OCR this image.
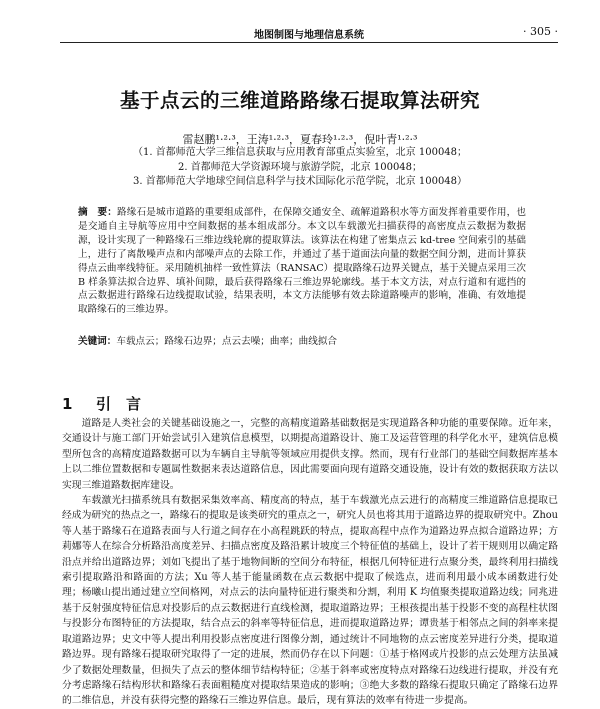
地图制图与地理信息系统	· 305 ·
基于点云的三维道路路缘石提取算法研究
雷赵鹏¹·²·³，王涛¹·²·³，夏春玲¹·²·³，倪叶青¹·²·³
（1. 首都师范大学三维信息获取与应用教育部重点实验室，北京 100048；
2. 首都师范大学资源环境与旅游学院，北京 100048；
3. 首都师范大学地球空间信息科学与技术国际化示范学院，北京 100048）
摘　要：路缘石是城市道路的重要组成部件，在保障交通安全、疏解道路积水等方面发挥着重要作用，也是交通自主导航等应用中空间数据的基本组成部分。本文以车载激光扫描获得的高密度点云数据为数据源，设计实现了一种路缘石三维边线轮廓的提取算法。该算法在构建了密集点云 kd-tree 空间索引的基础上，进行了离散噪声点和内部噪声点的去除工作，并通过了基于道面法向量的数据空间分割，进而计算获得点云曲率线特征。采用随机抽样一致性算法（RANSAC）提取路缘石边界关键点，基于关键点采用三次 B 样条算法拟合边界、填补间隙，最后获得路缘石三维边界轮廓线。基于本文方法，对点行道和有遮挡的点云数据进行路缘石边线提取试验，结果表明，本文方法能够有效去除道路噪声的影响，准确、有效地提取路缘石的三维边界。
关键词：车载点云；路缘石边界；点云去噪；曲率；曲线拟合
1 引　言

道路是人类社会的关键基础设施之一，完整的高精度道路基础数据是实现道路各种功能的重要保障。近年来，交通设计与施工部门开始尝试引入建筑信息模型，以期提高道路设计、施工及运营管理的科学化水平，建筑信息模型所包含的高精度道路数据可以为车辆自主导航等领域应用提供支撑。然而，现有行业部门的基础空间数据库基本上以二维位置数据和专题属性数据来表达道路信息，因此需要面向现有道路交通设施，设计有效的数据获取方法以实现三维道路数据库建设。

车载激光扫描系统具有数据采集效率高、精度高的特点，基于车载激光点云进行的高精度三维道路信息提取已经成为研究的热点之一，路缘石的提取是该类研究的重点之一，研究人员也将其用于道路边界的提取研究中。Zhou 等人基于路缘石在道路表面与人行道之间存在小高程跳跃的特点，提取高程中点作为道路边界点拟合道路边界；方莉娜等人在综合分析路沿高度差异、扫描点密度及路沿累计坡度三个特征值的基础上，设计了若干规则用以确定路沿点并给出道路边界；刘如飞提出了基于地物间断的空间分布特征，根据几何特征进行点聚分类，最终利用扫描线索引提取路沿和路面的方法；Xu 等人基于能量函数在点云数据中提取了候选点，进而利用最小成本函数进行处理；杨曦山提出通过建立空间格网，对点云的法向量特征进行聚类和分割，利用 K 均值聚类提取道路边线；同兆进基于反射强度特征信息对投影后的点云数据进行直线检测，提取道路边界；王根孩提出基于投影不变的高程柱状图与投影分布图特征的方法提取，结合点云的斜率等特征信息，进而提取道路边界；谭贵基于相邻点之间的斜率来提取道路边界；史文中等人提出利用投影点密度进行图像分割，通过统计不同地物的点云密度差异进行分类，提取道路边界。现有路缘石提取研究取得了一定的进展，然而仍存在以下问题：①基于格网或片投影的点云处理方法虽减少了数据处理数量，但损失了点云的整体细节结构特征；②基于斜率或密度特点对路缘石边线进行提取，并没有充分考虑路缘石结构形状和路缘石表面粗糙度对提取结果造成的影响；③绝大多数的路缘石提取只确定了路缘石边界的二维信息，并没有获得完整的路缘石三维边界信息。最后，现有算法的效率有待进一步提高。
